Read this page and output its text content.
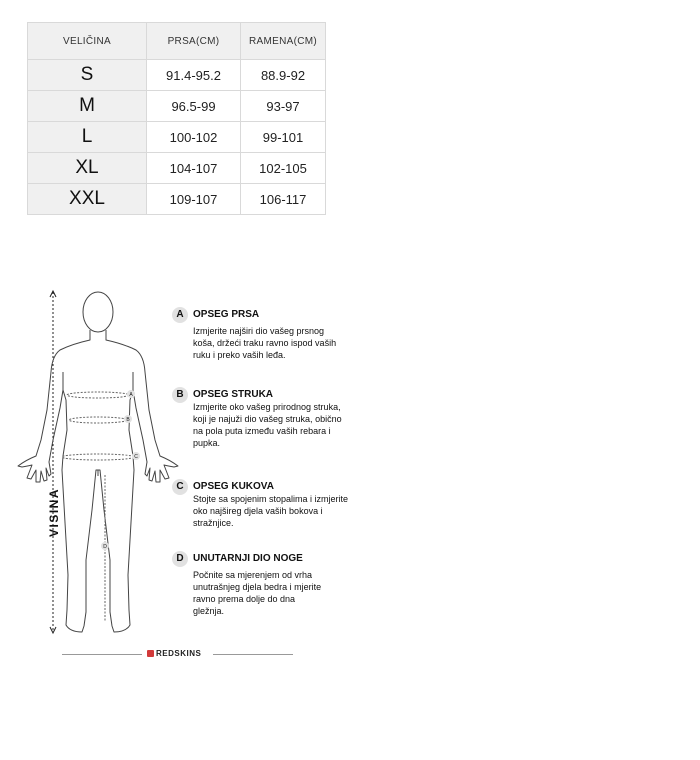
VELIČINA	PRSA(CM)	RAMENA(CM)
S	91.4-95.2	88.9-92
M	96.5-99	93-97
L	100-102	99-101
XL	104-107	102-105
XXL	109-107	106-117
A
B
C
D
VISINA
A OPSEG PRSA
Izmjerite najširi dio vašeg prsnog koša, držeći traku ravno ispod vaših ruku i preko vaših leđa.
B OPSEG STRUKA
Izmjerite oko vašeg prirodnog struka, koji je najuži dio vašeg struka, obično na pola puta između vaših rebara i pupka.
C OPSEG KUKOVA
Stojte sa spojenim stopalima i izmjerite oko najšireg djela vaših bokova i stražnjice.
D UNUTARNJI DIO NOGE
Počnite sa mjerenjem od vrha unutrašnjeg djela bedra i mjerite ravno prema dolje do dna gležnja.
REDSKINS
